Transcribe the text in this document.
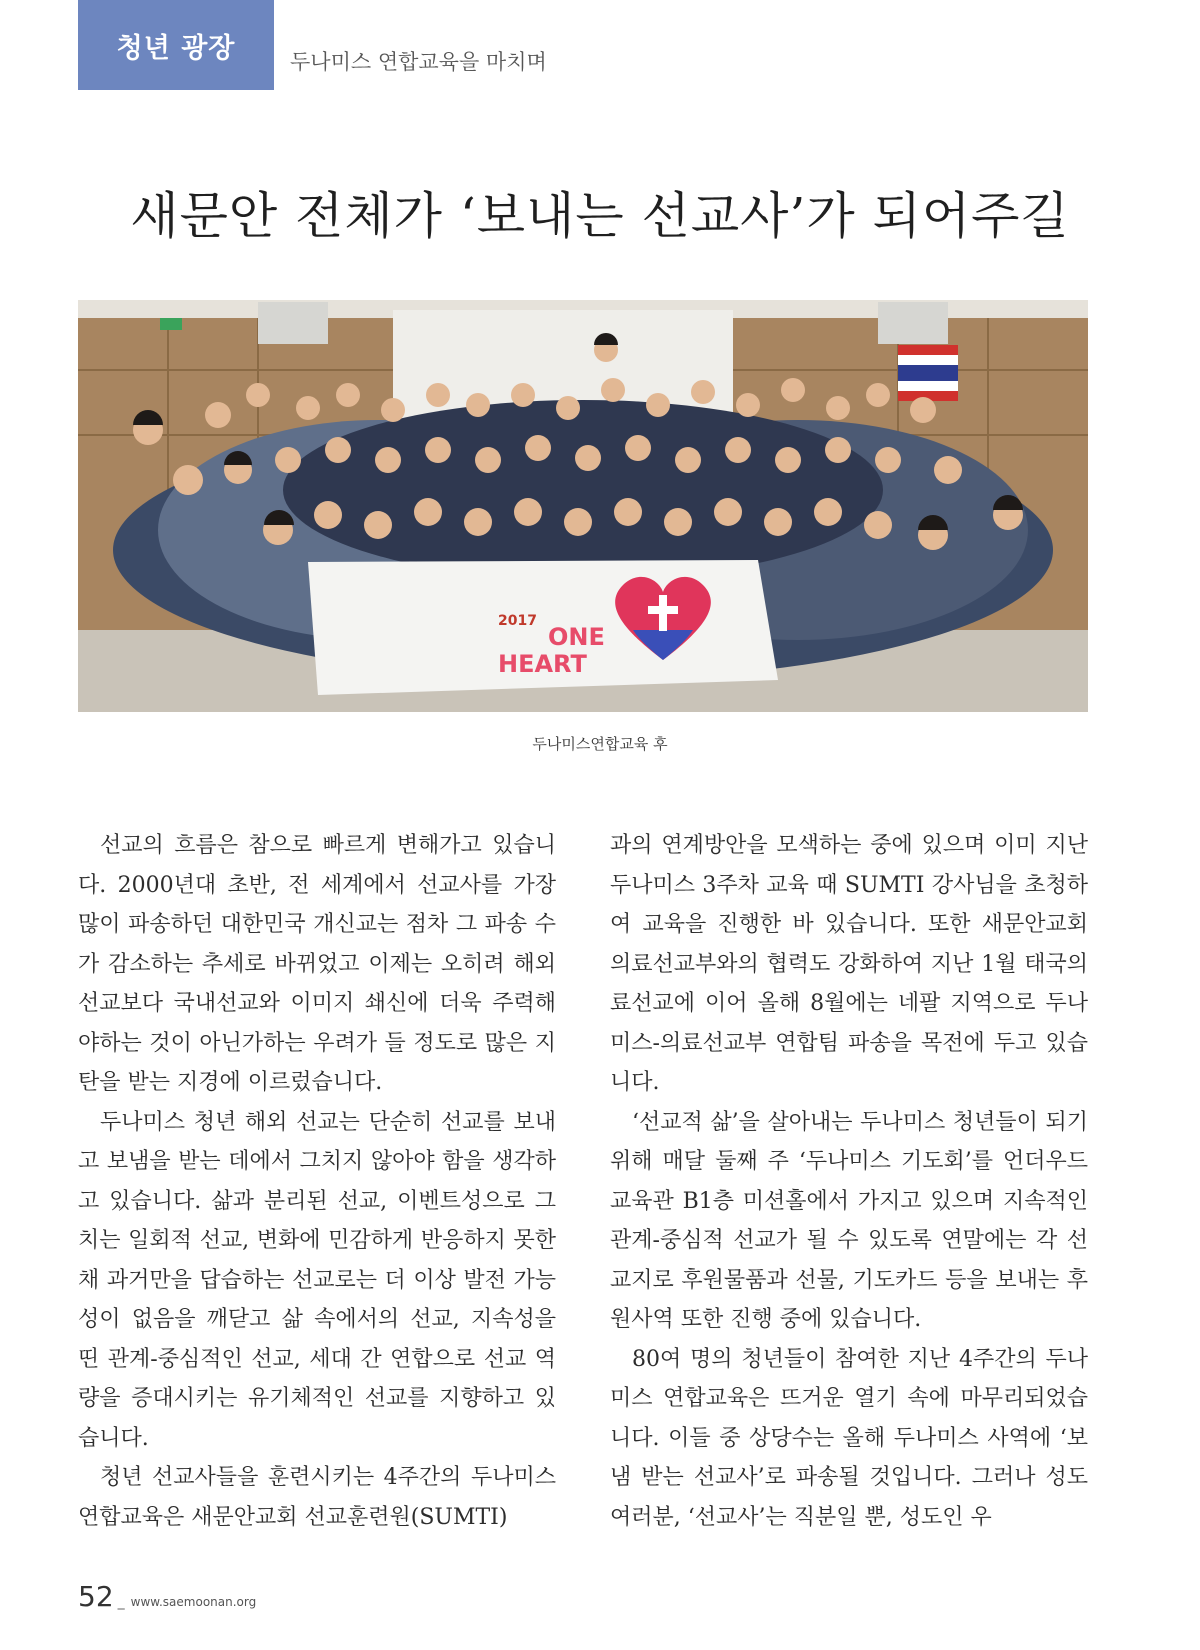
청년 광장	두나미스 연합교육을 마치며
새문안 전체가 ‘보내는 선교사’가 되어주길
2017
ONE
HEART
두나미스연합교육 후

선교의 흐름은 참으로 빠르게 변해가고 있습니다. 2000년대 초반, 전 세계에서 선교사를 가장 많이 파송하던 대한민국 개신교는 점차 그 파송 수가 감소하는 추세로 바뀌었고 이제는 오히려 해외선교보다 국내선교와 이미지 쇄신에 더욱 주력해야하는 것이 아닌가하는 우려가 들 정도로 많은 지탄을 받는 지경에 이르렀습니다.

두나미스 청년 해외 선교는 단순히 선교를 보내고 보냄을 받는 데에서 그치지 않아야 함을 생각하고 있습니다. 삶과 분리된 선교, 이벤트성으로 그치는 일회적 선교, 변화에 민감하게 반응하지 못한 채 과거만을 답습하는 선교로는 더 이상 발전 가능성이 없음을 깨닫고 삶 속에서의 선교, 지속성을 띤 관계-중심적인 선교, 세대 간 연합으로 선교 역량을 증대시키는 유기체적인 선교를 지향하고 있습니다.

청년 선교사들을 훈련시키는 4주간의 두나미스 연합교육은 새문안교회 선교훈련원(SUMTI)

과의 연계방안을 모색하는 중에 있으며 이미 지난 두나미스 3주차 교육 때 SUMTI 강사님을 초청하여 교육을 진행한 바 있습니다. 또한 새문안교회 의료선교부와의 협력도 강화하여 지난 1월 태국의료선교에 이어 올해 8월에는 네팔 지역으로 두나미스-의료선교부 연합팀 파송을 목전에 두고 있습니다.

‘선교적 삶’을 살아내는 두나미스 청년들이 되기 위해 매달 둘째 주 ‘두나미스 기도회’를 언더우드교육관 B1층 미션홀에서 가지고 있으며 지속적인 관계-중심적 선교가 될 수 있도록 연말에는 각 선교지로 후원물품과 선물, 기도카드 등을 보내는 후원사역 또한 진행 중에 있습니다.

80여 명의 청년들이 참여한 지난 4주간의 두나미스 연합교육은 뜨거운 열기 속에 마무리되었습니다. 이들 중 상당수는 올해 두나미스 사역에 ‘보냄 받는 선교사’로 파송될 것입니다. 그러나 성도 여러분, ‘선교사’는 직분일 뿐, 성도인 우

52 _ www.saemoonan.org
